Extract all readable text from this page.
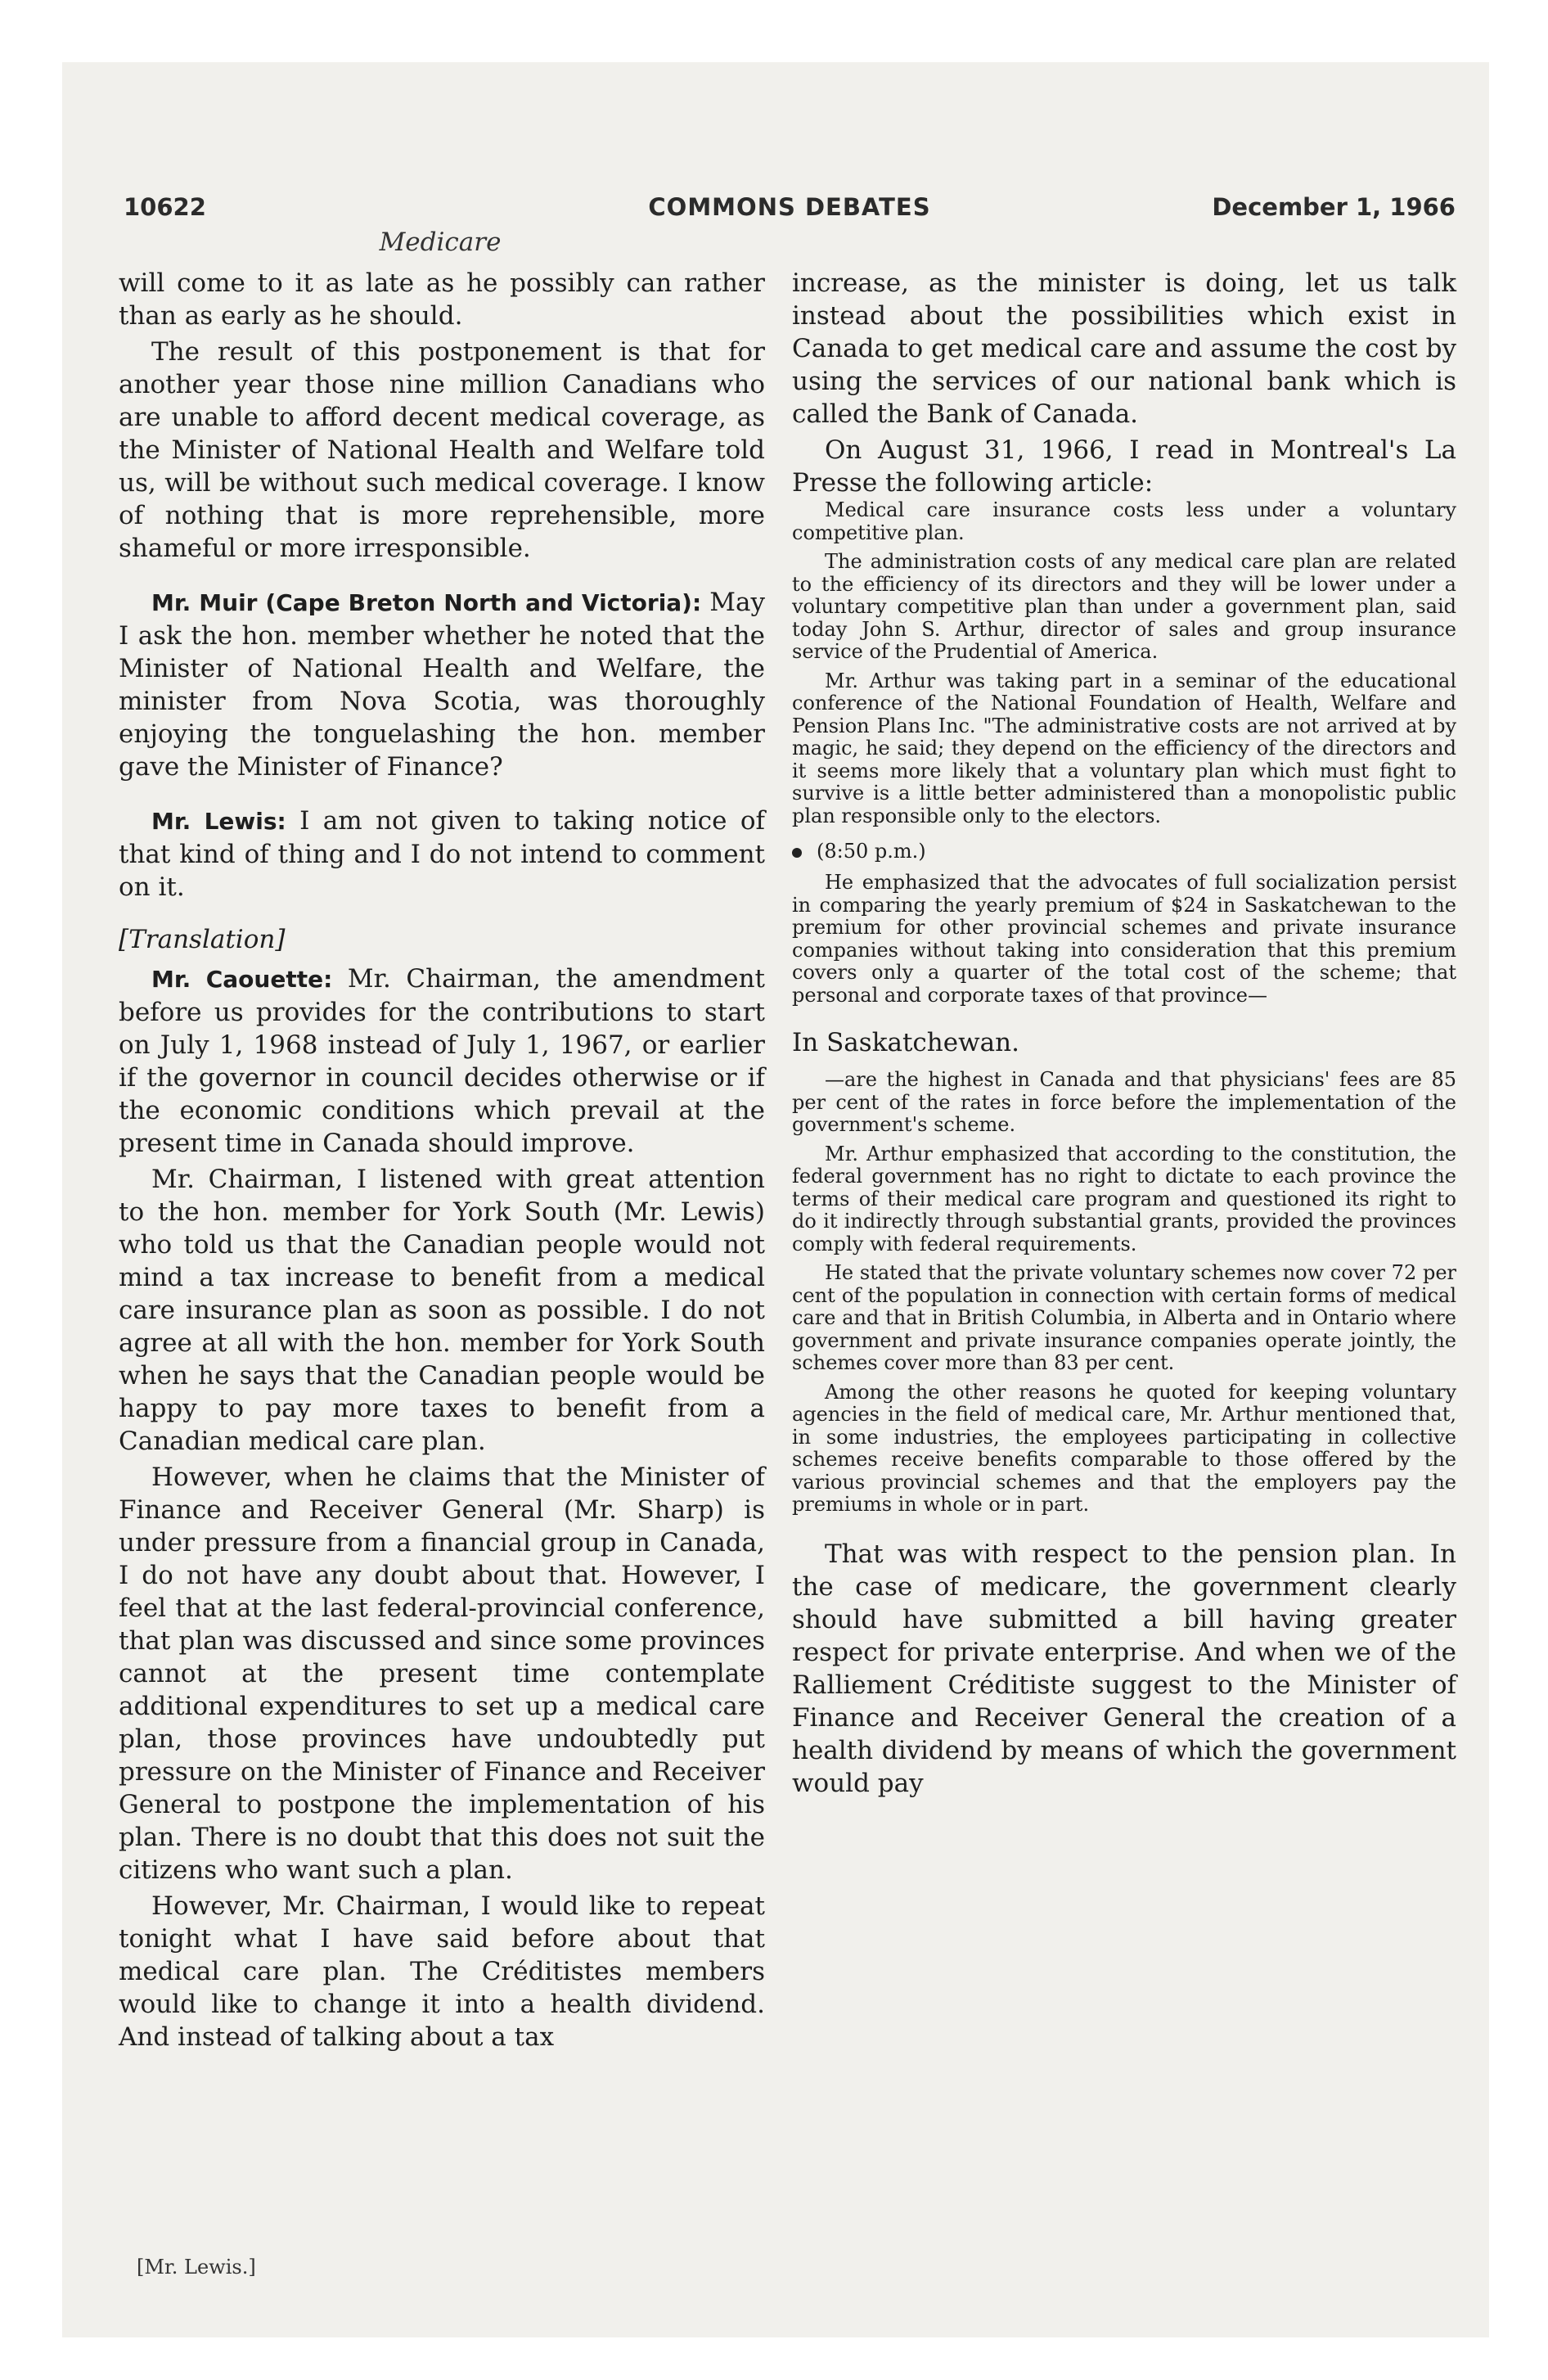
10622	COMMONS DEBATES	December 1, 1966
Medicare

will come to it as late as he possibly can rather than as early as he should.

The result of this postponement is that for another year those nine million Canadians who are unable to afford decent medical coverage, as the Minister of National Health and Welfare told us, will be without such medical coverage. I know of nothing that is more reprehensible, more shameful or more irresponsible.

Mr. Muir (Cape Breton North and Victoria): May I ask the hon. member whether he noted that the Minister of National Health and Welfare, the minister from Nova Scotia, was thoroughly enjoying the tonguelashing the hon. member gave the Minister of Finance?

Mr. Lewis: I am not given to taking notice of that kind of thing and I do not intend to comment on it.

[Translation]

Mr. Caouette: Mr. Chairman, the amendment before us provides for the contributions to start on July 1, 1968 instead of July 1, 1967, or earlier if the governor in council decides otherwise or if the economic conditions which prevail at the present time in Canada should improve.

Mr. Chairman, I listened with great attention to the hon. member for York South (Mr. Lewis) who told us that the Canadian people would not mind a tax increase to benefit from a medical care insurance plan as soon as possible. I do not agree at all with the hon. member for York South when he says that the Canadian people would be happy to pay more taxes to benefit from a Canadian medical care plan.

However, when he claims that the Minister of Finance and Receiver General (Mr. Sharp) is under pressure from a financial group in Canada, I do not have any doubt about that. However, I feel that at the last federal-provincial conference, that plan was discussed and since some provinces cannot at the present time contemplate additional expenditures to set up a medical care plan, those provinces have undoubtedly put pressure on the Minister of Finance and Receiver General to postpone the implementation of his plan. There is no doubt that this does not suit the citizens who want such a plan.

However, Mr. Chairman, I would like to repeat tonight what I have said before about that medical care plan. The Créditistes members would like to change it into a health dividend. And instead of talking about a tax

increase, as the minister is doing, let us talk instead about the possibilities which exist in Canada to get medical care and assume the cost by using the services of our national bank which is called the Bank of Canada.

On August 31, 1966, I read in Montreal's La Presse the following article:

Medical care insurance costs less under a voluntary competitive plan.

The administration costs of any medical care plan are related to the efficiency of its directors and they will be lower under a voluntary competitive plan than under a government plan, said today John S. Arthur, director of sales and group insurance service of the Prudential of America.

Mr. Arthur was taking part in a seminar of the educational conference of the National Foundation of Health, Welfare and Pension Plans Inc. "The administrative costs are not arrived at by magic, he said; they depend on the efficiency of the directors and it seems more likely that a voluntary plan which must fight to survive is a little better administered than a monopolistic public plan responsible only to the electors.

(8:50 p.m.)

He emphasized that the advocates of full socialization persist in comparing the yearly premium of $24 in Saskatchewan to the premium for other provincial schemes and private insurance companies without taking into consideration that this premium covers only a quarter of the total cost of the scheme; that personal and corporate taxes of that province—

In Saskatchewan.

—are the highest in Canada and that physicians' fees are 85 per cent of the rates in force before the implementation of the government's scheme.

Mr. Arthur emphasized that according to the constitution, the federal government has no right to dictate to each province the terms of their medical care program and questioned its right to do it indirectly through substantial grants, provided the provinces comply with federal requirements.

He stated that the private voluntary schemes now cover 72 per cent of the population in connection with certain forms of medical care and that in British Columbia, in Alberta and in Ontario where government and private insurance companies operate jointly, the schemes cover more than 83 per cent.

Among the other reasons he quoted for keeping voluntary agencies in the field of medical care, Mr. Arthur mentioned that, in some industries, the employees participating in collective schemes receive benefits comparable to those offered by the various provincial schemes and that the employers pay the premiums in whole or in part.

That was with respect to the pension plan. In the case of medicare, the government clearly should have submitted a bill having greater respect for private enterprise. And when we of the Ralliement Créditiste suggest to the Minister of Finance and Receiver General the creation of a health dividend by means of which the government would pay

[Mr. Lewis.]
